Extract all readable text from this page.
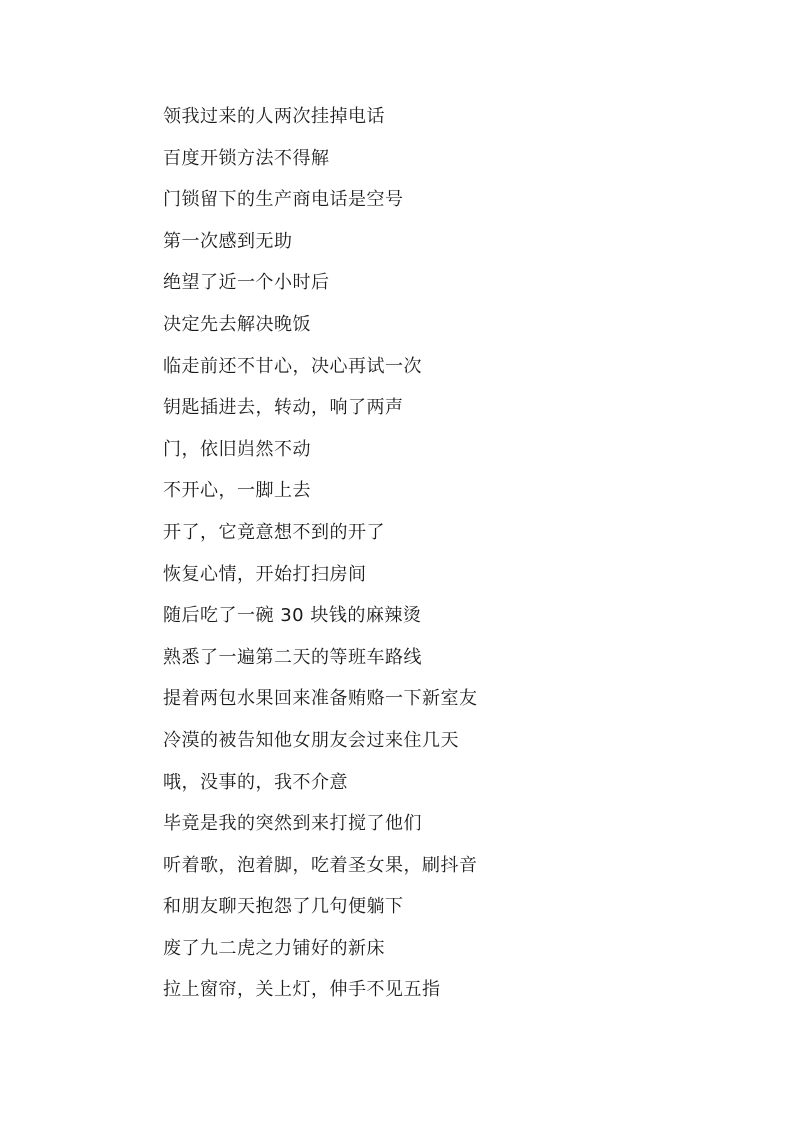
领我过来的人两次挂掉电话
百度开锁方法不得解
门锁留下的生产商电话是空号
第一次感到无助
绝望了近一个小时后
决定先去解决晚饭
临走前还不甘心，决心再试一次
钥匙插进去，转动，响了两声
门，依旧岿然不动
不开心，一脚上去
开了，它竟意想不到的开了
恢复心情，开始打扫房间
随后吃了一碗 30 块钱的麻辣烫
熟悉了一遍第二天的等班车路线
提着两包水果回来准备贿赂一下新室友
冷漠的被告知他女朋友会过来住几天
哦，没事的，我不介意
毕竟是我的突然到来打搅了他们
听着歌，泡着脚，吃着圣女果，刷抖音
和朋友聊天抱怨了几句便躺下
废了九二虎之力铺好的新床
拉上窗帘，关上灯，伸手不见五指
